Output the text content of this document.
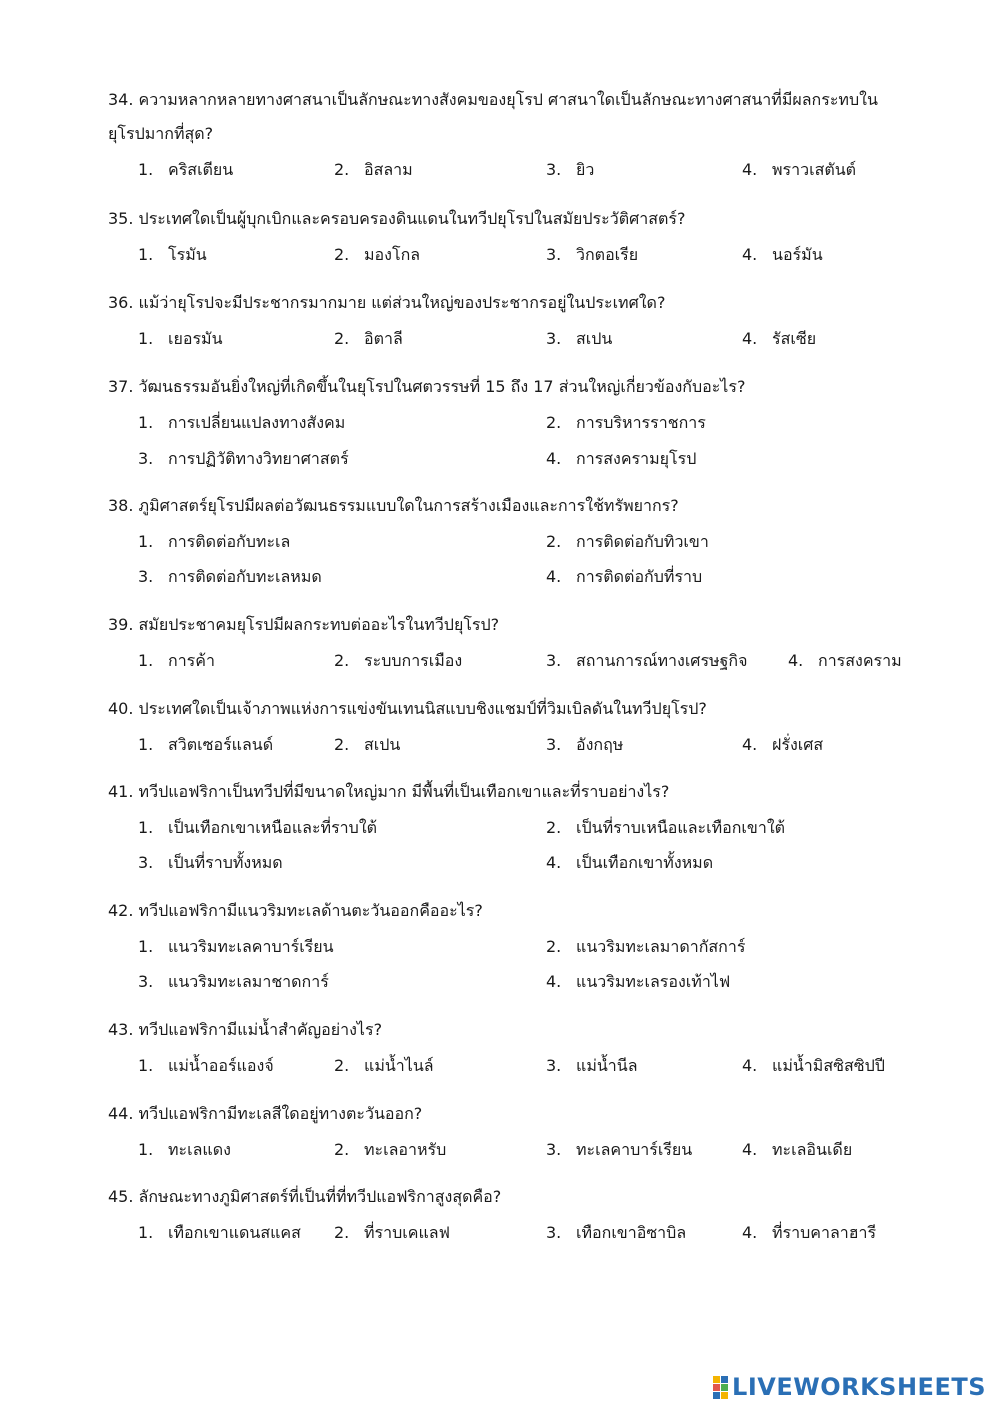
34. ความหลากหลายทางศาสนาเป็นลักษณะทางสังคมของยุโรป ศาสนาใดเป็นลักษณะทางศาสนาที่มีผลกระทบในยุโรปมากที่สุด?
1. คริสเตียน	2. อิสลาม	3. ยิว	4. พราวเสตันต์
35. ประเทศใดเป็นผู้บุกเบิกและครอบครองดินแดนในทวีปยุโรปในสมัยประวัติศาสตร์?
1. โรมัน	2. มองโกล	3. วิกตอเรีย	4. นอร์มัน
36. แม้ว่ายุโรปจะมีประชากรมากมาย แต่ส่วนใหญ่ของประชากรอยู่ในประเทศใด?
1. เยอรมัน	2. อิตาลี	3. สเปน	4. รัสเซีย
37. วัฒนธรรมอันยิ่งใหญ่ที่เกิดขึ้นในยุโรปในศตวรรษที่ 15 ถึง 17 ส่วนใหญ่เกี่ยวข้องกับอะไร?
1. การเปลี่ยนแปลงทางสังคม	2. การบริหารราชการ
3. การปฏิวัติทางวิทยาศาสตร์	4. การสงครามยุโรป
38. ภูมิศาสตร์ยุโรปมีผลต่อวัฒนธรรมแบบใดในการสร้างเมืองและการใช้ทรัพยากร?
1. การติดต่อกับทะเล	2. การติดต่อกับทิวเขา
3. การติดต่อกับทะเลหมด	4. การติดต่อกับที่ราบ
39. สมัยประชาคมยุโรปมีผลกระทบต่ออะไรในทวีปยุโรป?
1. การค้า	2. ระบบการเมือง	3. สถานการณ์ทางเศรษฐกิจ	4. การสงคราม
40. ประเทศใดเป็นเจ้าภาพแห่งการแข่งขันเทนนิสแบบชิงแชมป์ที่วิมเบิลดันในทวีปยุโรป?
1. สวิตเซอร์แลนด์	2. สเปน	3. อังกฤษ	4. ฝรั่งเศส
41. ทวีปแอฟริกาเป็นทวีปที่มีขนาดใหญ่มาก มีพื้นที่เป็นเทือกเขาและที่ราบอย่างไร?
1. เป็นเทือกเขาเหนือและที่ราบใต้	2. เป็นที่ราบเหนือและเทือกเขาใต้
3. เป็นที่ราบทั้งหมด	4. เป็นเทือกเขาทั้งหมด
42. ทวีปแอฟริกามีแนวริมทะเลด้านตะวันออกคืออะไร?
1. แนวริมทะเลคาบาร์เรียน	2. แนวริมทะเลมาดากัสการ์
3. แนวริมทะเลมาชาดการ์	4. แนวริมทะเลรองเท้าไฟ
43. ทวีปแอฟริกามีแม่น้ำสำคัญอย่างไร?
1. แม่น้ำออร์แองจ์	2. แม่น้ำไนล์	3. แม่น้ำนีล	4. แม่น้ำมิสซิสซิปปี
44. ทวีปแอฟริกามีทะเลสีใดอยู่ทางตะวันออก?
1. ทะเลแดง	2. ทะเลอาหรับ	3. ทะเลคาบาร์เรียน	4. ทะเลอินเดีย
45. ลักษณะทางภูมิศาสตร์ที่เป็นที่ที่ทวีปแอฟริกาสูงสุดคือ?
1. เทือกเขาแดนสแคส 2. ที่ราบเคแลฟ	3. เทือกเขาอิซาบิล	4. ที่ราบคาลาฮารี
LIVEWORKSHEETS
